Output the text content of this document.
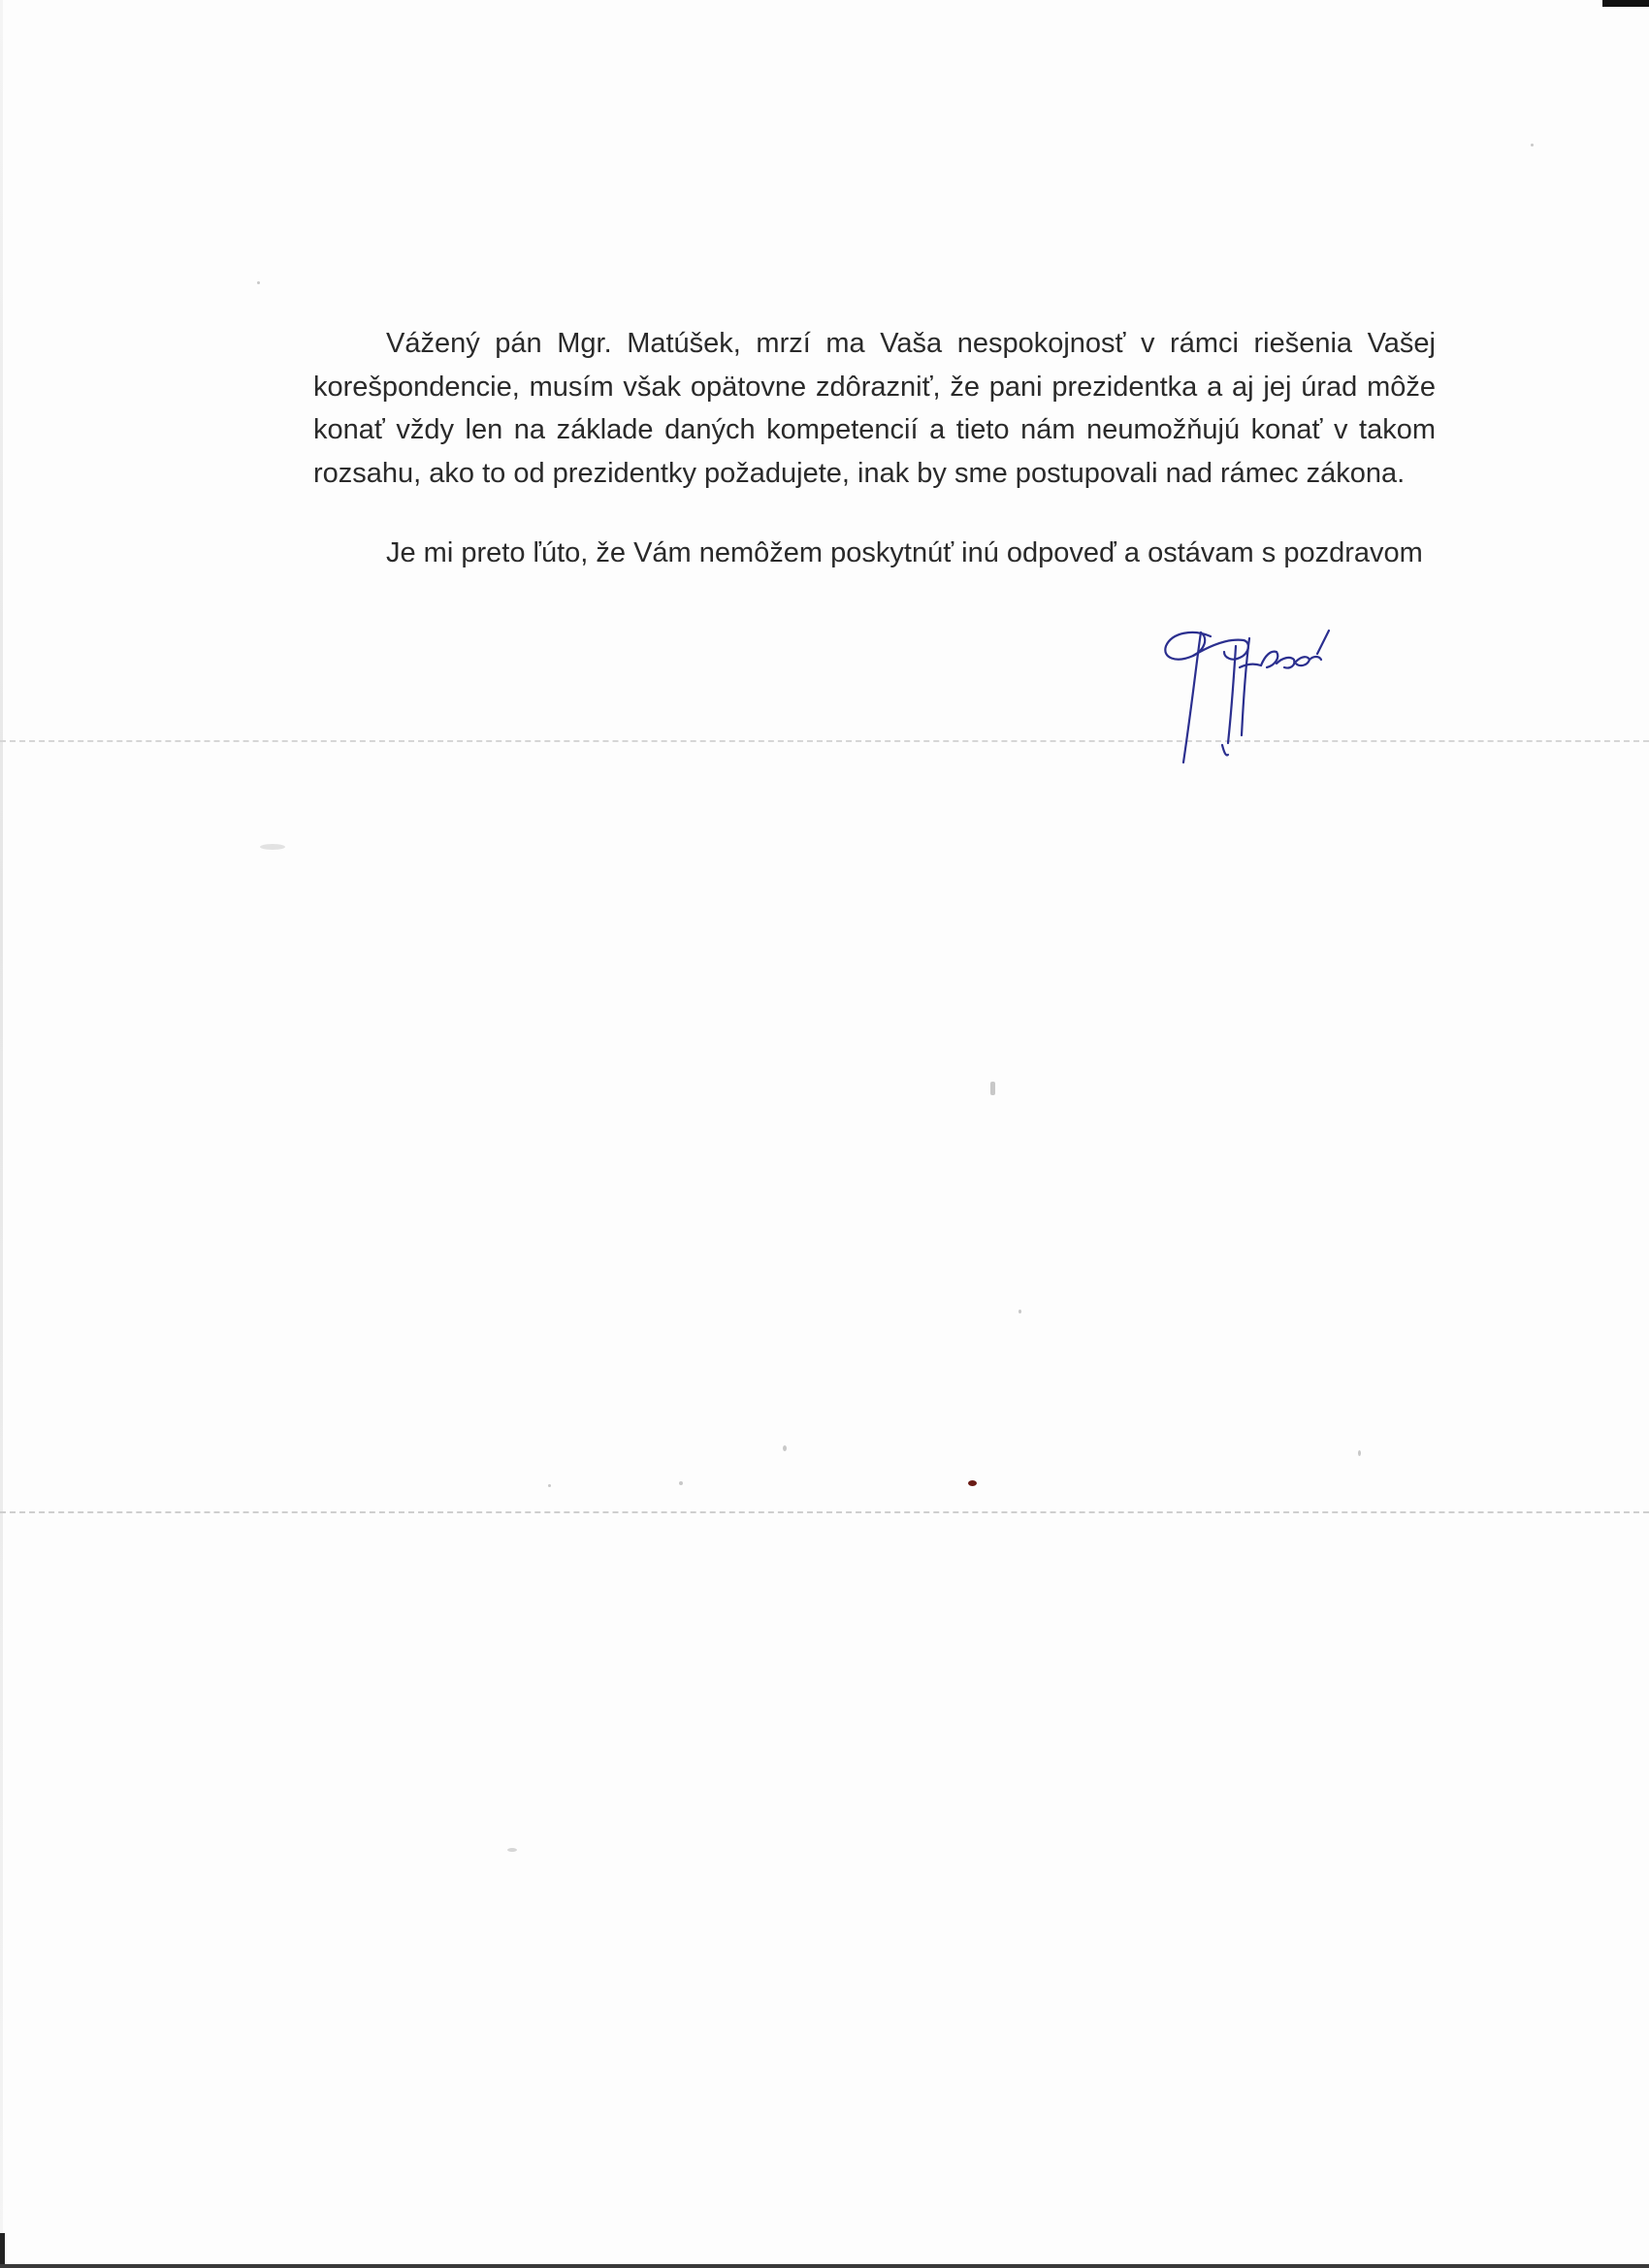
Vážený pán Mgr. Matúšek, mrzí ma Vaša nespokojnosť v rámci riešenia Vašej korešpondencie, musím však opätovne zdôrazniť, že pani prezidentka a aj jej úrad môže konať vždy len na základe daných kompetencií a tieto nám neumožňujú konať v takom rozsahu, ako to od prezidentky požadujete, inak by sme postupovali nad rámec zákona.

Je mi preto ľúto, že Vám nemôžem poskytnúť inú odpoveď a ostávam s pozdravom
